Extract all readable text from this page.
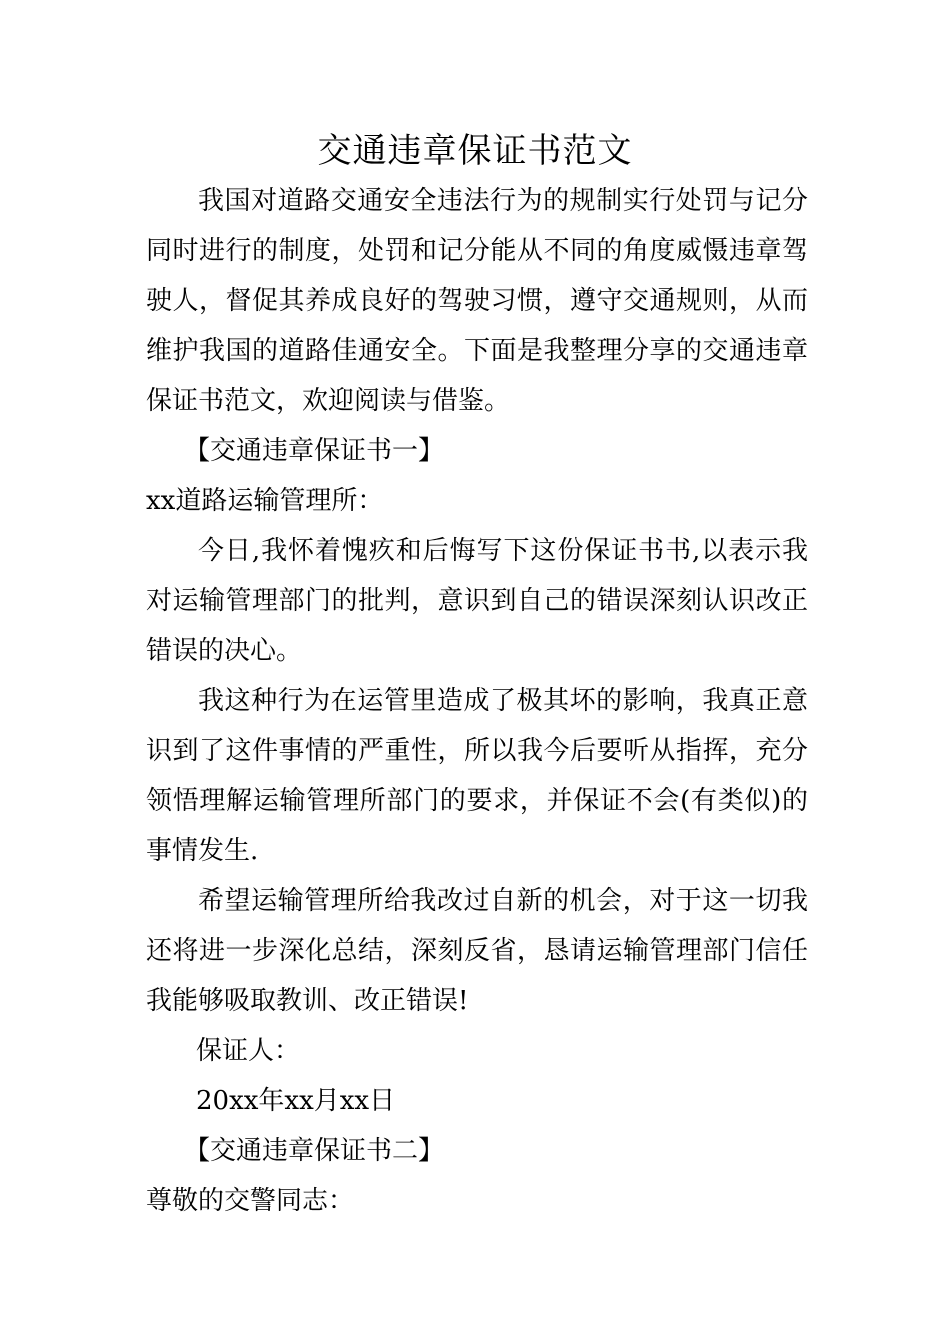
交通违章保证书范文

我国对道路交通安全违法行为的规制实行处罚与记分同时进行的制度，处罚和记分能从不同的角度威慑违章驾驶人，督促其养成良好的驾驶习惯，遵守交通规则，从而维护我国的道路佳通安全。下面是我整理分享的交通违章保证书范文，欢迎阅读与借鉴。

【交通违章保证书一】

xx道路运输管理所：

今日,我怀着愧疚和后悔写下这份保证书书,以表示我对运输管理部门的批判，意识到自己的错误深刻认识改正错误的决心。

我这种行为在运管里造成了极其坏的影响，我真正意识到了这件事情的严重性，所以我今后要听从指挥，充分领悟理解运输管理所部门的要求，并保证不会(有类似)的事情发生.

希望运输管理所给我改过自新的机会，对于这一切我还将进一步深化总结，深刻反省，恳请运输管理部门信任我能够吸取教训、改正错误!

保证人：

20xx年xx月xx日

【交通违章保证书二】

尊敬的交警同志：
